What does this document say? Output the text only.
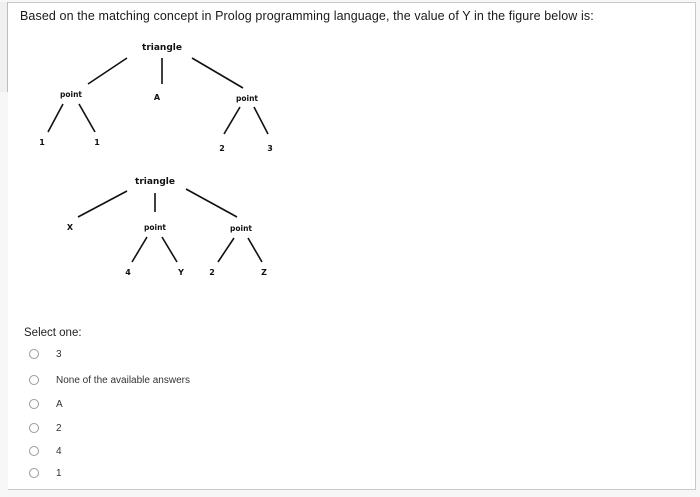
Based on the matching concept in Prolog programming language, the value of Y in the figure below is:
triangle
point	A	point
1	1
2	3
triangle
X	point	point
4	Y	2	Z
Select one:
3
None of the available answers
A
2
4
1
